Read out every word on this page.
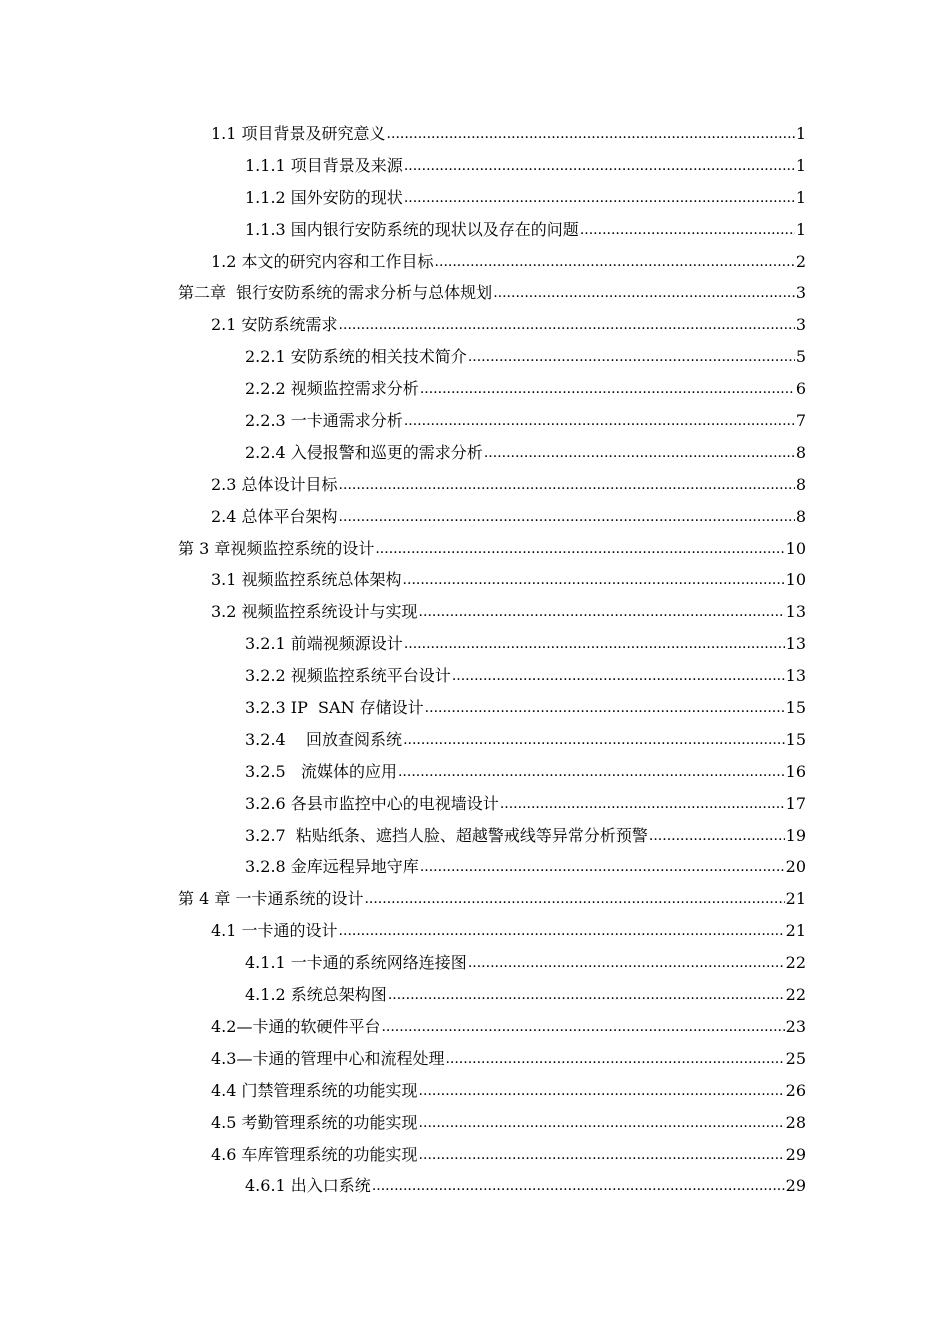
1.1 项目背景及研究意义 .....	1
1.1.1 项目背景及来源 .....	1
1.1.2 国外安防的现状 .....	1
1.1.3 国内银行安防系统的现状以及存在的问题 .....	1
1.2 本文的研究内容和工作目标 .....	2
第二章  银行安防系统的需求分析与总体规划 .....	3
2.1 安防系统需求 .....	3
2.2.1 安防系统的相关技术简介 .....	5
2.2.2 视频监控需求分析 .....	6
2.2.3 一卡通需求分析 .....	7
2.2.4 入侵报警和巡更的需求分析 .....	8
2.3 总体设计目标 .....	8
2.4 总体平台架构 .....	8
第 3 章视频监控系统的设计 .....	10
3.1 视频监控系统总体架构 .....	10
3.2 视频监控系统设计与实现 .....	13
3.2.1 前端视频源设计 .....	13
3.2.2 视频监控系统平台设计 .....	13
3.2.3 IP  SAN 存储设计 .....	15
3.2.4    回放查阅系统 .....	15
3.2.5   流媒体的应用 .....	16
3.2.6 各县市监控中心的电视墙设计 .....	17
3.2.7  粘贴纸条、遮挡人脸、超越警戒线等异常分析预警 .....	19
3.2.8 金库远程异地守库 .....	20
第 4 章 一卡通系统的设计 .....	21
4.1 一卡通的设计 .....	21
4.1.1 一卡通的系统网络连接图 .....	22
4.1.2 系统总架构图 .....	22
4.2—卡通的软硬件平台 .....	23
4.3—卡通的管理中心和流程处理 .....	25
4.4 门禁管理系统的功能实现 .....	26
4.5 考勤管理系统的功能实现 .....	28
4.6 车库管理系统的功能实现 .....	29
4.6.1 出入口系统 .....	29
